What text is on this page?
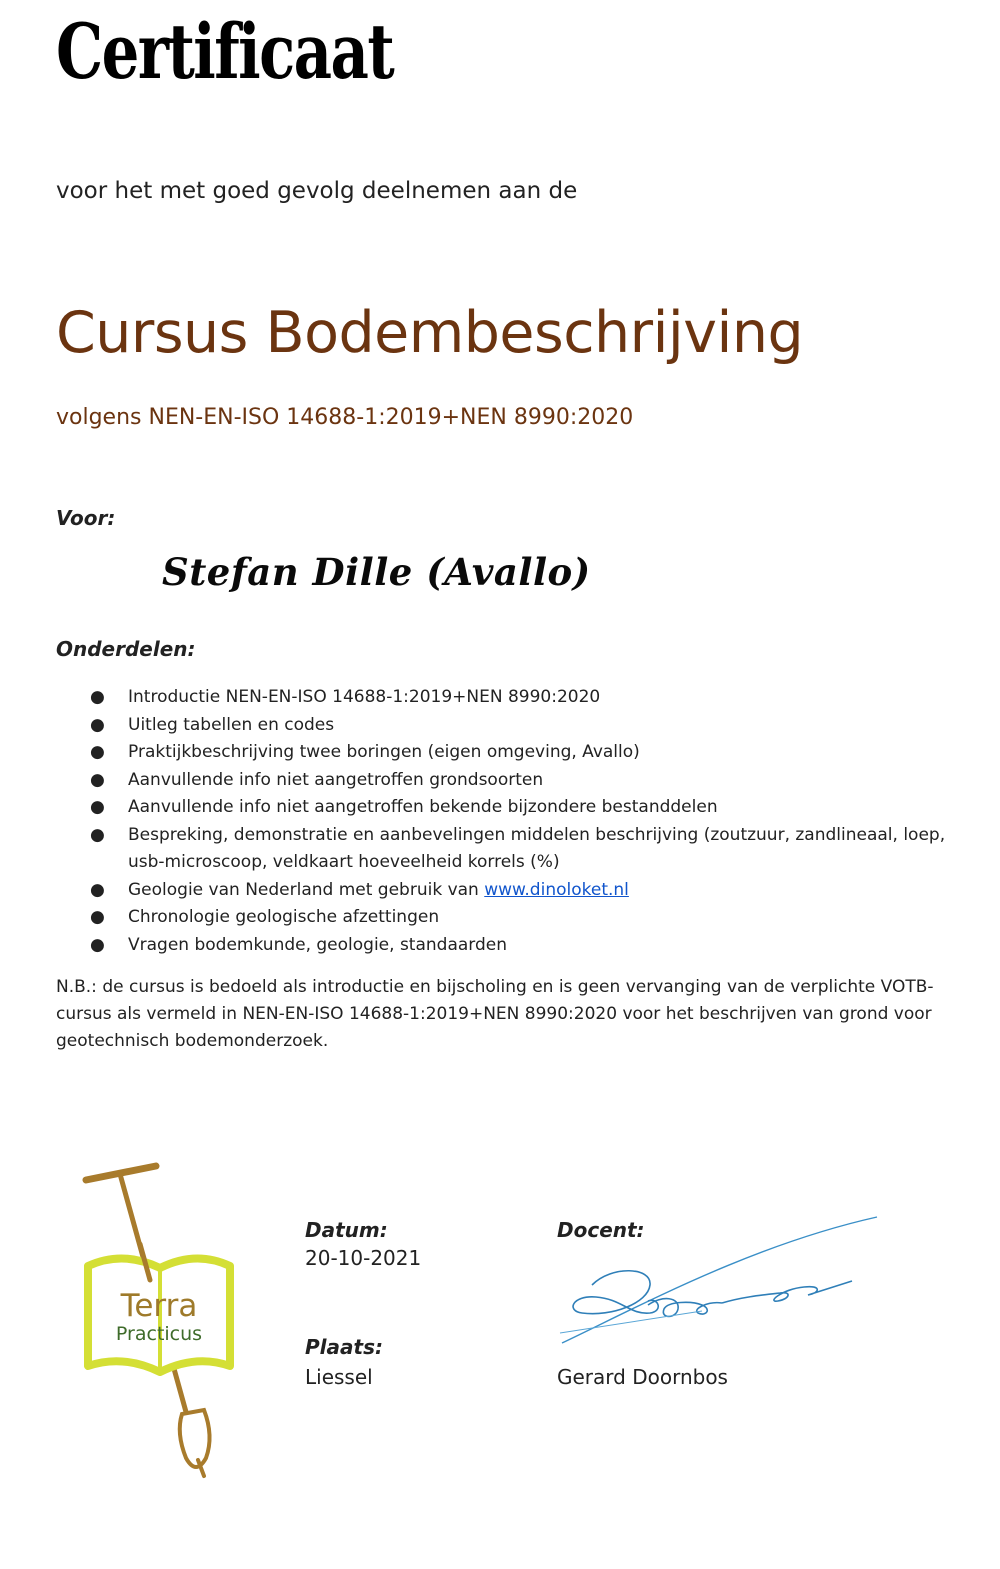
Certificaat
voor het met goed gevolg deelnemen aan de
Cursus Bodembeschrijving
volgens NEN-EN-ISO 14688-1:2019+NEN 8990:2020
Voor:
Stefan Dille (Avallo)
Onderdelen:
● Introductie NEN-EN-ISO 14688-1:2019+NEN 8990:2020
● Uitleg tabellen en codes
● Praktijkbeschrijving twee boringen (eigen omgeving, Avallo)
● Aanvullende info niet aangetroffen grondsoorten
● Aanvullende info niet aangetroffen bekende bijzondere bestanddelen
● Bespreking, demonstratie en aanbevelingen middelen beschrijving (zoutzuur, zandlineaal, loep, usb-microscoop, veldkaart hoeveelheid korrels (%)
● Geologie van Nederland met gebruik van www.dinoloket.nl
● Chronologie geologische afzettingen
● Vragen bodemkunde, geologie, standaarden
N.B.: de cursus is bedoeld als introductie en bijscholing en is geen vervanging van de verplichte VOTB-cursus als vermeld in NEN-EN-ISO 14688-1:2019+NEN 8990:2020 voor het beschrijven van grond voor geotechnisch bodemonderzoek.
Terra
Practicus
Datum:
20-10-2021
Plaats:
Liessel
Docent:
Gerard Doornbos
